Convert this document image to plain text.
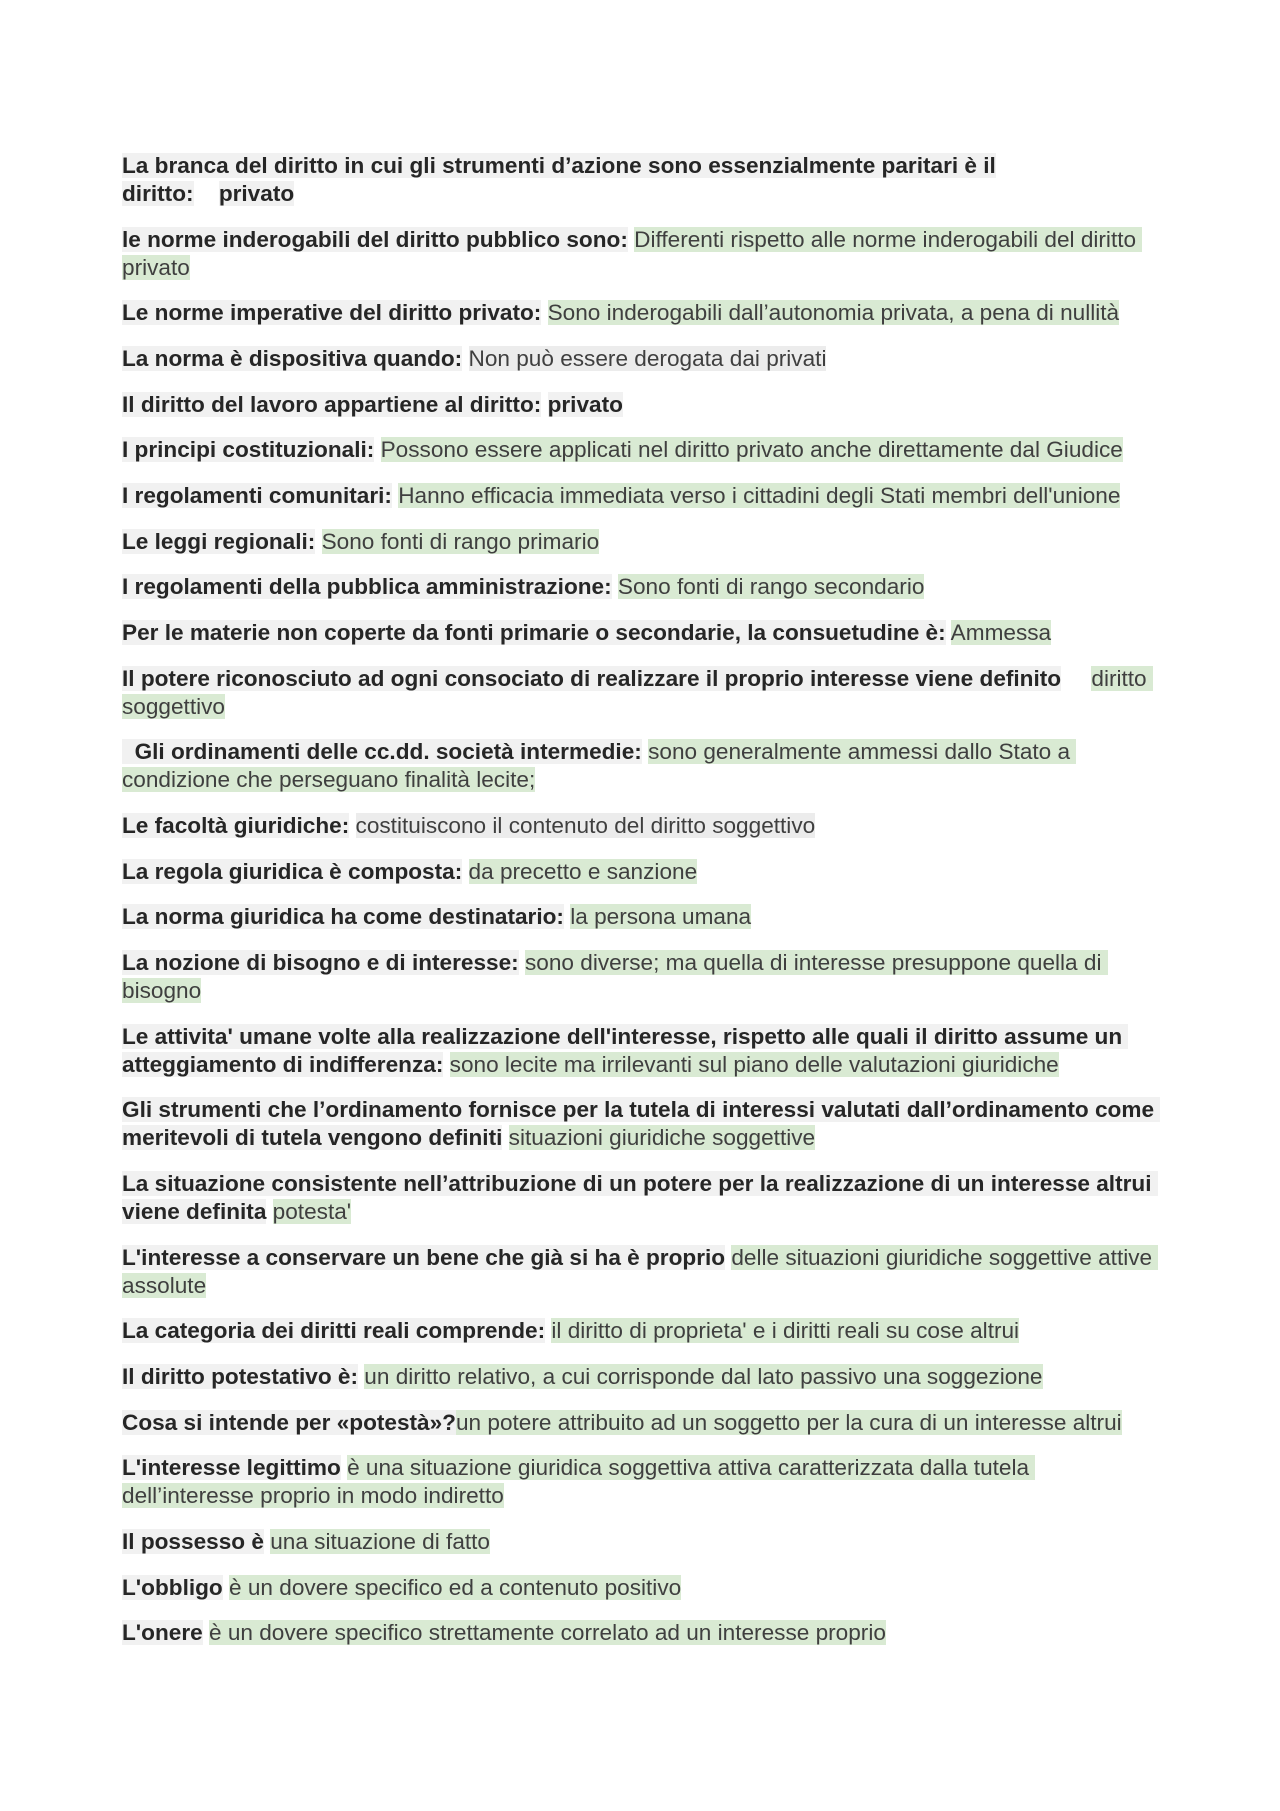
La branca del diritto in cui gli strumenti d’azione sono essenzialmente paritari è il
diritto: privato

le norme inderogabili del diritto pubblico sono: Differenti rispetto alle norme inderogabili del diritto privato

Le norme imperative del diritto privato: Sono inderogabili dall’autonomia privata, a pena di nullità

La norma è dispositiva quando: Non può essere derogata dai privati

Il diritto del lavoro appartiene al diritto: privato

I principi costituzionali: Possono essere applicati nel diritto privato anche direttamente dal Giudice

I regolamenti comunitari: Hanno efficacia immediata verso i cittadini degli Stati membri dell'unione

Le leggi regionali: Sono fonti di rango primario

I regolamenti della pubblica amministrazione: Sono fonti di rango secondario

Per le materie non coperte da fonti primarie o secondarie, la consuetudine è: Ammessa

Il potere riconosciuto ad ogni consociato di realizzare il proprio interesse viene definito diritto soggettivo

Gli ordinamenti delle cc.dd. società intermedie: sono generalmente ammessi dallo Stato a condizione che perseguano finalità lecite;

Le facoltà giuridiche: costituiscono il contenuto del diritto soggettivo

La regola giuridica è composta: da precetto e sanzione

La norma giuridica ha come destinatario: la persona umana

La nozione di bisogno e di interesse: sono diverse; ma quella di interesse presuppone quella di bisogno

Le attivita' umane volte alla realizzazione dell'interesse, rispetto alle quali il diritto assume un atteggiamento di indifferenza: sono lecite ma irrilevanti sul piano delle valutazioni giuridiche

Gli strumenti che l’ordinamento fornisce per la tutela di interessi valutati dall’ordinamento come meritevoli di tutela vengono definiti situazioni giuridiche soggettive

La situazione consistente nell’attribuzione di un potere per la realizzazione di un interesse altrui viene definita potesta'

L'interesse a conservare un bene che già si ha è proprio delle situazioni giuridiche soggettive attive assolute

La categoria dei diritti reali comprende: il diritto di proprieta' e i diritti reali su cose altrui

Il diritto potestativo è: un diritto relativo, a cui corrisponde dal lato passivo una soggezione

Cosa si intende per «potestà»?un potere attribuito ad un soggetto per la cura di un interesse altrui

L'interesse legittimo è una situazione giuridica soggettiva attiva caratterizzata dalla tutela dell’interesse proprio in modo indiretto

Il possesso è una situazione di fatto

L'obbligo è un dovere specifico ed a contenuto positivo

L'onere è un dovere specifico strettamente correlato ad un interesse proprio
